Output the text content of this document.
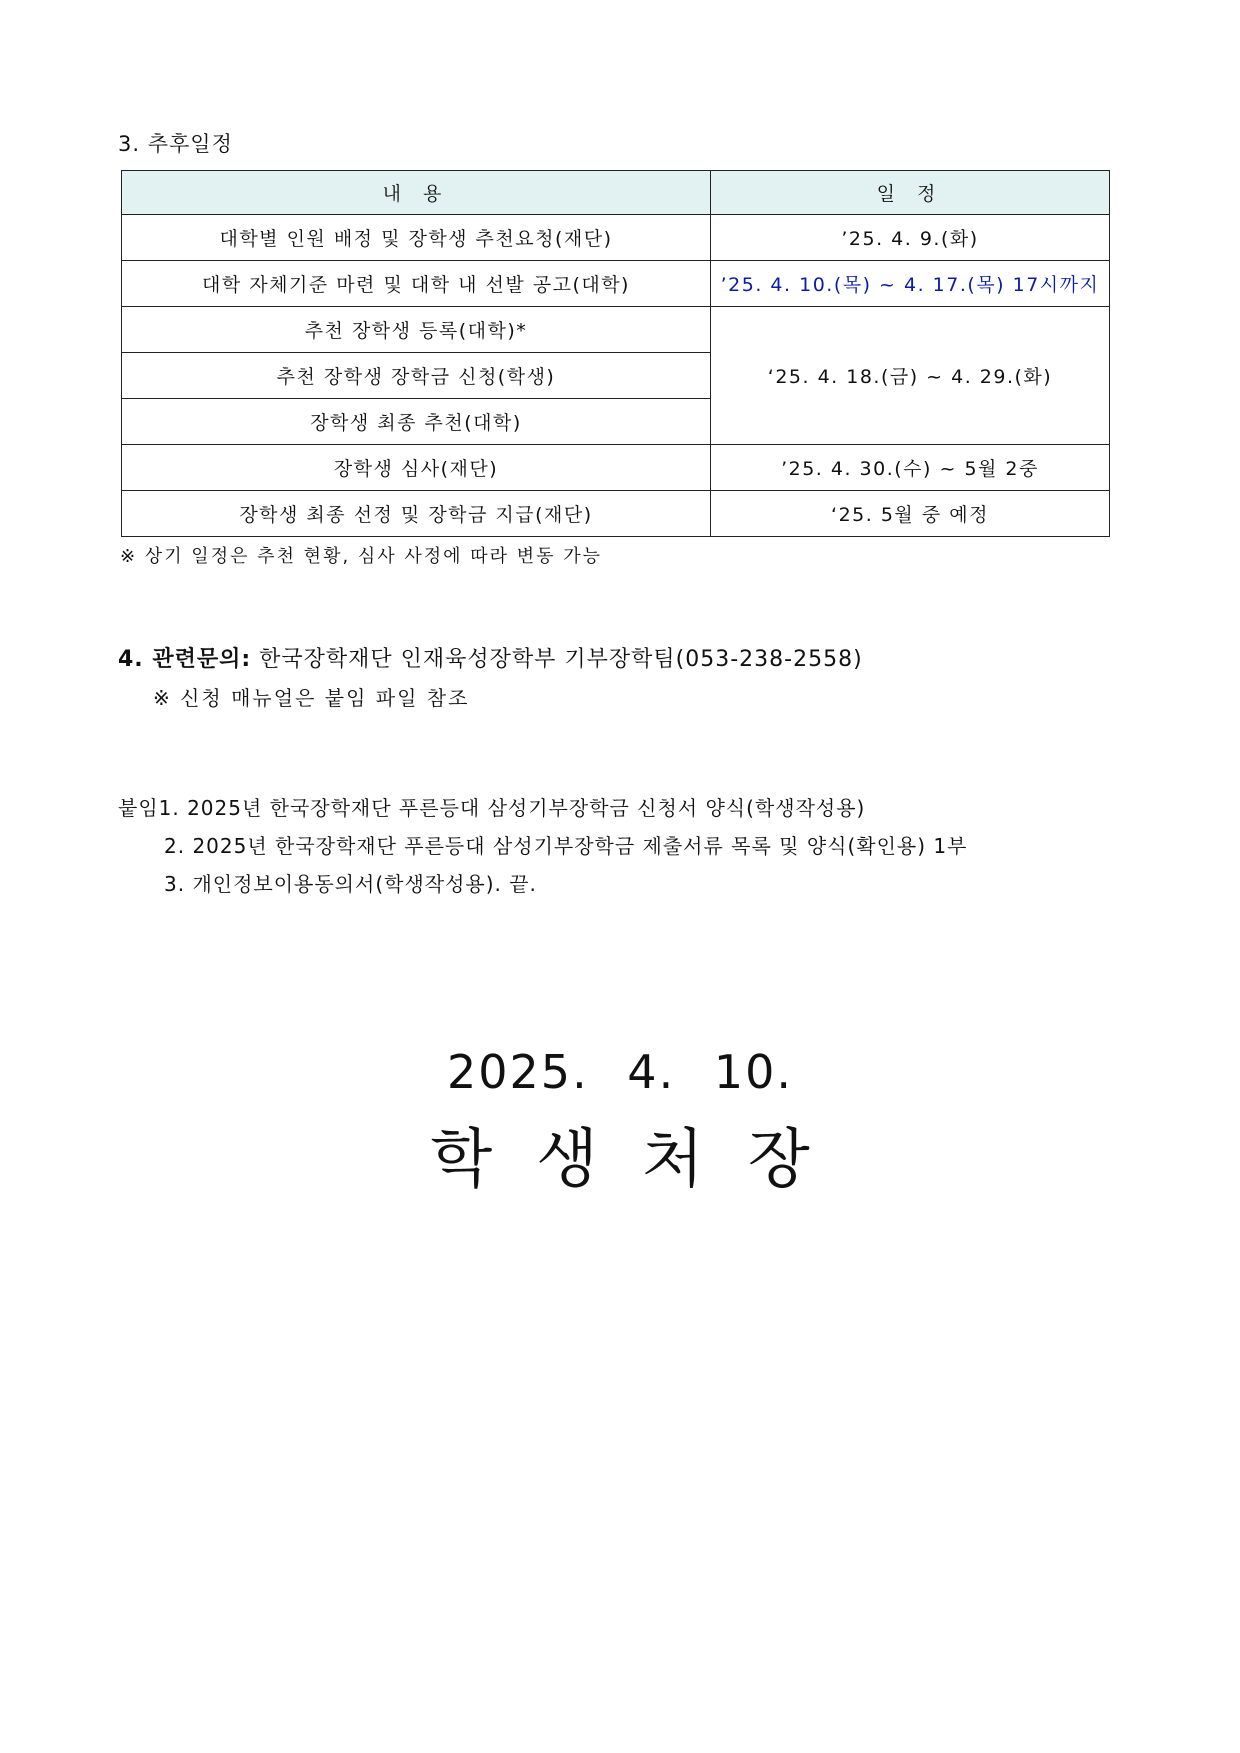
3. 추후일정
내 용	일 정
대학별 인원 배정 및 장학생 추천요청(재단)	’25. 4. 9.(화)
대학 자체기준 마련 및 대학 내 선발 공고(대학)	’25. 4. 10.(목) ~ 4. 17.(목) 17시까지
추천 장학생 등록(대학)*	‘25. 4. 18.(금) ~ 4. 29.(화)
추천 장학생 장학금 신청(학생)	
장학생 최종 추천(대학)	
장학생 심사(재단)	’25. 4. 30.(수) ~ 5월 2중
장학생 최종 선정 및 장학금 지급(재단)	‘25. 5월 중 예정
※ 상기 일정은 추천 현황, 심사 사정에 따라 변동 가능
4. 관련문의: 한국장학재단 인재육성장학부 기부장학팀(053-238-2558)
※ 신청 매뉴얼은 붙임 파일 참조
붙임1. 2025년 한국장학재단 푸른등대 삼성기부장학금 신청서 양식(학생작성용)
2. 2025년 한국장학재단 푸른등대 삼성기부장학금 제출서류 목록 및 양식(확인용) 1부
3. 개인정보이용동의서(학생작성용). 끝.
2025. 4. 10.
학생처장
